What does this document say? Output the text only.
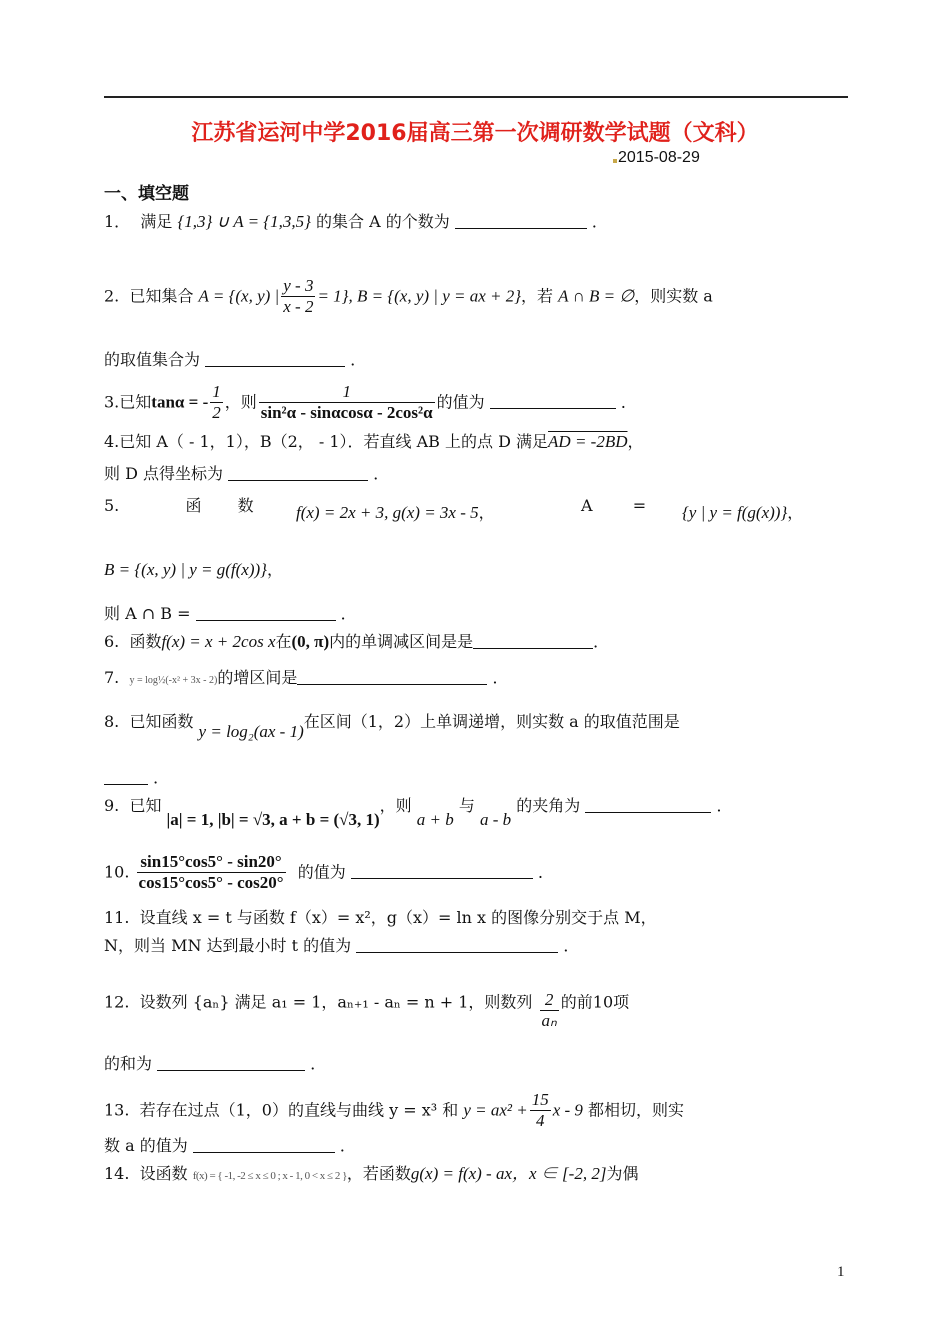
江苏省运河中学2016届高三第一次调研数学试题（文科）
2015-08-29
一、填空题
1． 满足 {1,3} ∪ A = {1,3,5} 的集合 A 的个数为	．
2. 已知集合 A = {(x, y) | $\frac{y - 3}{x - 2} = 1$}, B = {(x, y) | y = ax + 2}，若 A ∩ B = ∅，则实数 a
的取值集合为	．
3.已知tanα = - $\frac{1}{2}$ ，则 $\frac{1}{\text{sin²α - sinαcosα - 2cos²α}}$ 的值为	．
4.已知 A（ - 1，1），B（2， - 1）．若直线 AB 上的点 D 满足AD = -2BD，
则 D 点得坐标为	．
5.	函 数 f(x) = 2x + 3, g(x) = 3x - 5，	A	= {y | y = f(g(x))}，
B = {(x, y) | y = g(f(x))}，
则 A ∩ B =	．
6. 函数f(x) = x + 2cos x在(0, π)内的单调减区间是是	．
7. y = log½(-x² + 3x - 2)的增区间是	．
8. 已知函数 y = log₂(ax - 1)在区间（1，2）上单调递增，则实数 a 的取值范围是
．
9. 已知 |a| = 1, |b| = √3, a + b = (√3, 1)，则 a + b 与 a - b 的夹角为	．
10. $\frac{\sin 15^\circ\cos 5^\circ - \sin 20^\circ}{\cos 15^\circ\cos 5^\circ - \cos 20^\circ}$ 的值为	．
11. 设直线 x = t 与函数 f（x）= x²，g（x）= ln x 的图像分别交于点 M，
N，则当 MN 达到最小时 t 的值为	．
12. 设数列 {aₙ} 满足 a₁ = 1，aₙ₊₁ - aₙ = n + 1，则数列 $\frac{2}{\text{aₙ}}$ 的前10项
的和为	．
13. 若存在过点（1，0）的直线与曲线 y = x³ 和 $y = ax^2 + \frac{15}{4}$ x - 9 都相切，则实
数 a 的值为	．
14. 设函数 f(x) = { -1, -2 ≤ x ≤ 0 ; x - 1, 0 < x ≤ 2 }，若函数g(x) = f(x) - ax，x ∈ [-2, 2]为偶
1
